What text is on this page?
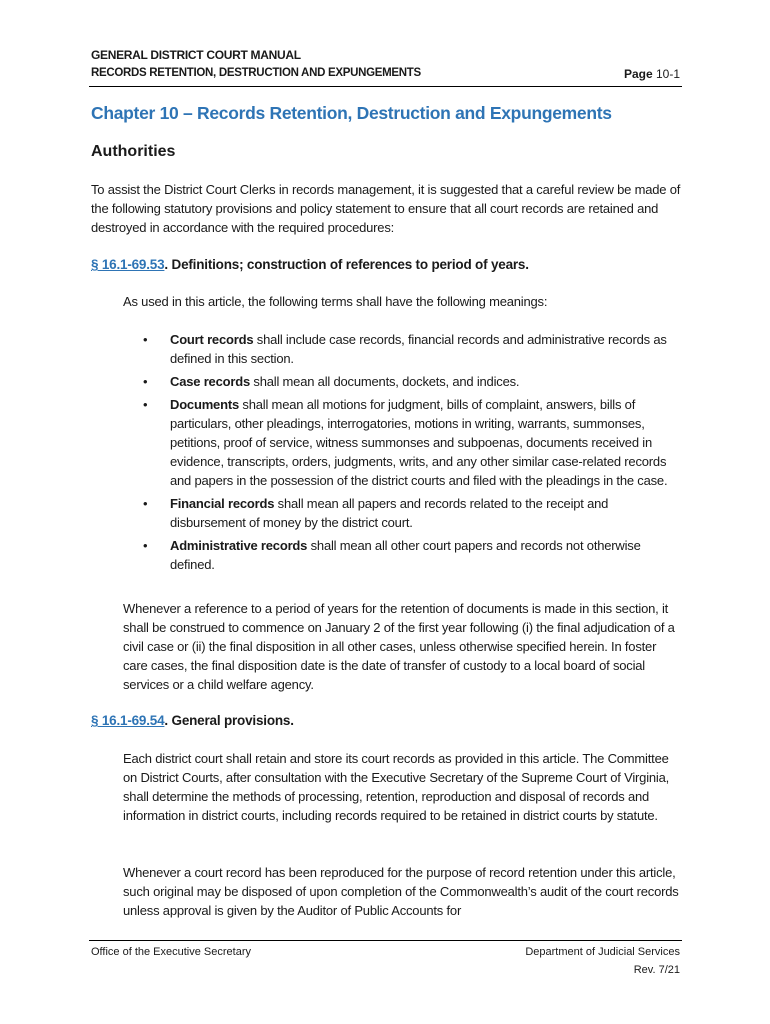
GENERAL DISTRICT COURT MANUAL
RECORDS RETENTION, DESTRUCTION AND EXPUNGEMENTS	Page 10-1
Chapter 10 – Records Retention, Destruction and Expungements
Authorities
To assist the District Court Clerks in records management, it is suggested that a careful review be made of the following statutory provisions and policy statement to ensure that all court records are retained and destroyed in accordance with the required procedures:
§ 16.1-69.53. Definitions; construction of references to period of years.
As used in this article, the following terms shall have the following meanings:
• Court records shall include case records, financial records and administrative records as defined in this section.
• Case records shall mean all documents, dockets, and indices.
• Documents shall mean all motions for judgment, bills of complaint, answers, bills of particulars, other pleadings, interrogatories, motions in writing, warrants, summonses, petitions, proof of service, witness summonses and subpoenas, documents received in evidence, transcripts, orders, judgments, writs, and any other similar case-related records and papers in the possession of the district courts and filed with the pleadings in the case.
• Financial records shall mean all papers and records related to the receipt and disbursement of money by the district court.
• Administrative records shall mean all other court papers and records not otherwise defined.
Whenever a reference to a period of years for the retention of documents is made in this section, it shall be construed to commence on January 2 of the first year following (i) the final adjudication of a civil case or (ii) the final disposition in all other cases, unless otherwise specified herein. In foster care cases, the final disposition date is the date of transfer of custody to a local board of social services or a child welfare agency.
§ 16.1-69.54. General provisions.
Each district court shall retain and store its court records as provided in this article. The Committee on District Courts, after consultation with the Executive Secretary of the Supreme Court of Virginia, shall determine the methods of processing, retention, reproduction and disposal of records and information in district courts, including records required to be retained in district courts by statute.
Whenever a court record has been reproduced for the purpose of record retention under this article, such original may be disposed of upon completion of the Commonwealth’s audit of the court records unless approval is given by the Auditor of Public Accounts for
Office of the Executive Secretary	Department of Judicial Services
Rev. 7/21
